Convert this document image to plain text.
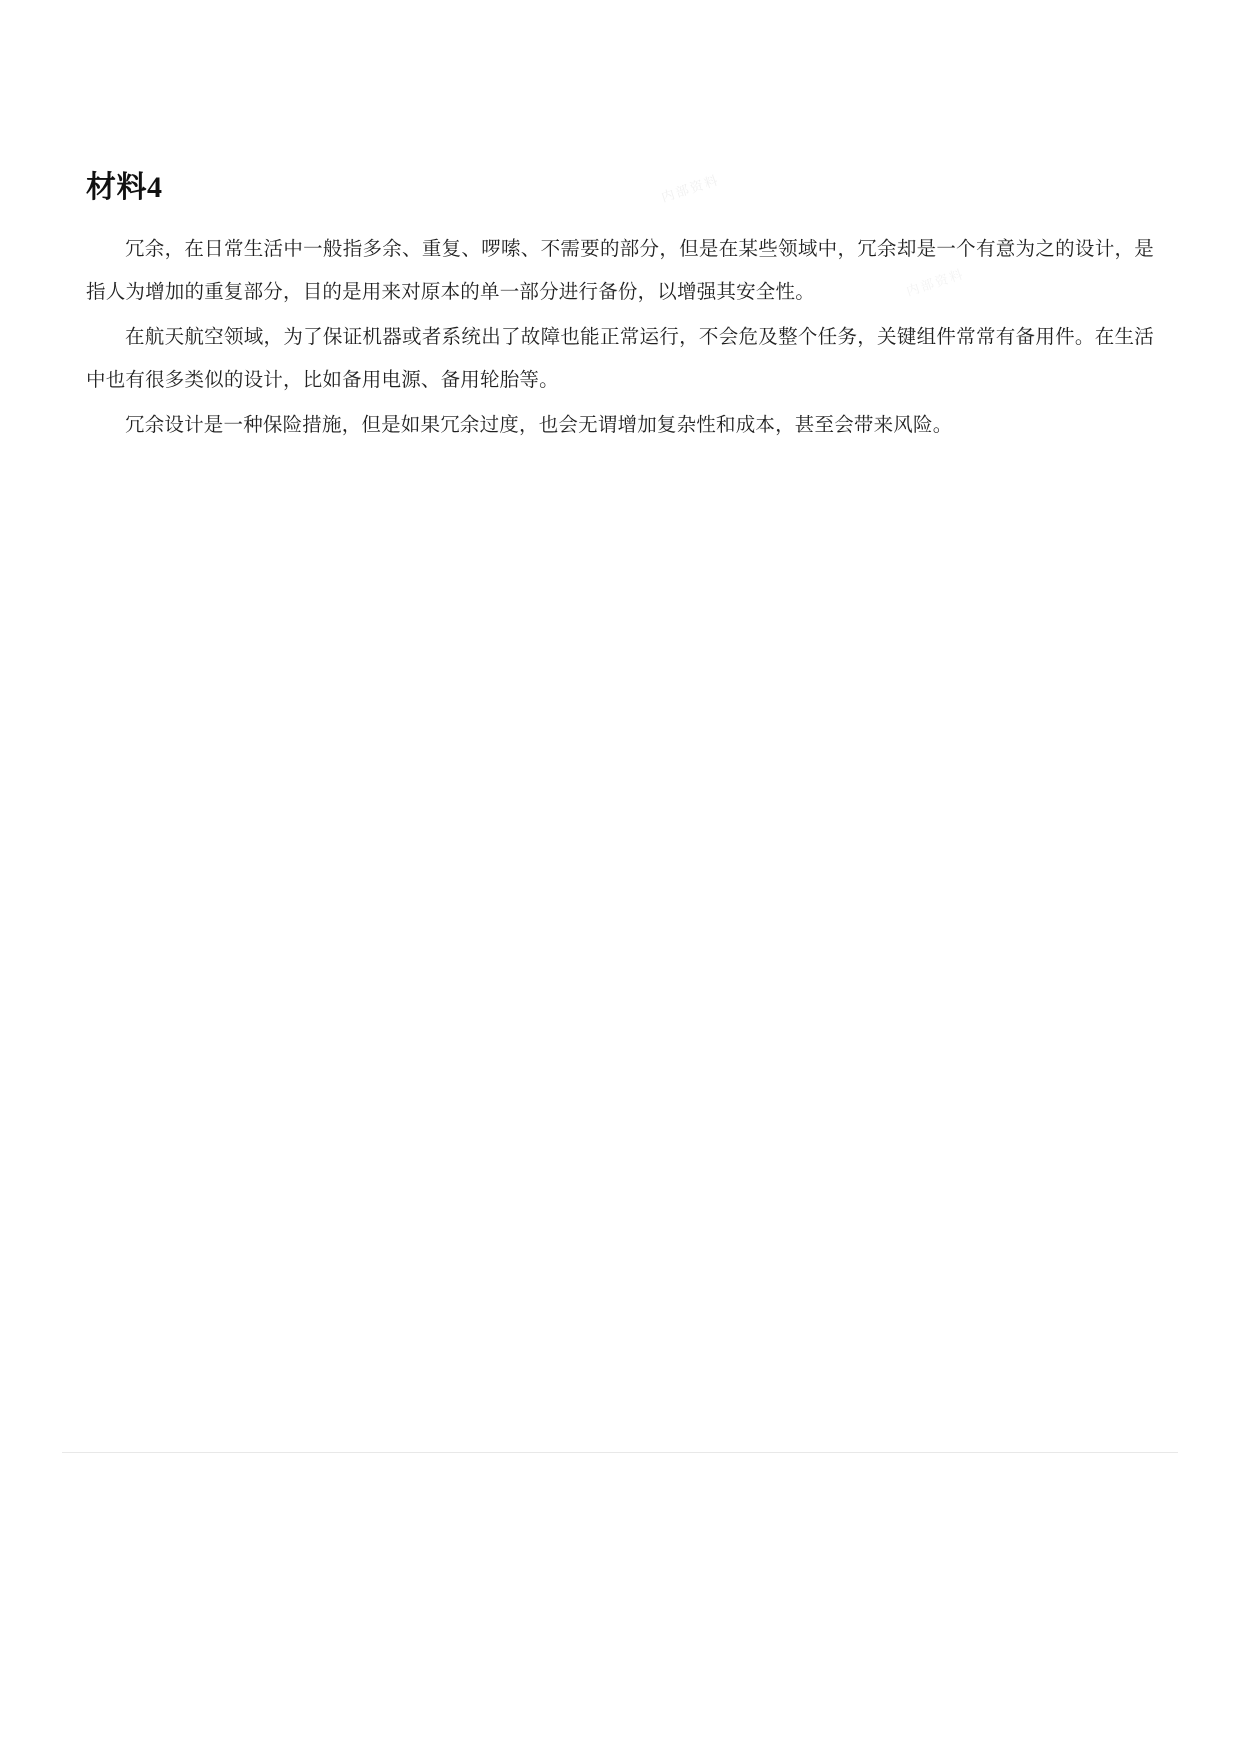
内部资料
内部资料
材料4

冗余，在日常生活中一般指多余、重复、啰嗦、不需要的部分，但是在某些领域中，冗余却是一个有意为之的设计，是指人为增加的重复部分，目的是用来对原本的单一部分进行备份，以增强其安全性。

在航天航空领域，为了保证机器或者系统出了故障也能正常运行，不会危及整个任务，关键组件常常有备用件。在生活中也有很多类似的设计，比如备用电源、备用轮胎等。

冗余设计是一种保险措施，但是如果冗余过度，也会无谓增加复杂性和成本，甚至会带来风险。
